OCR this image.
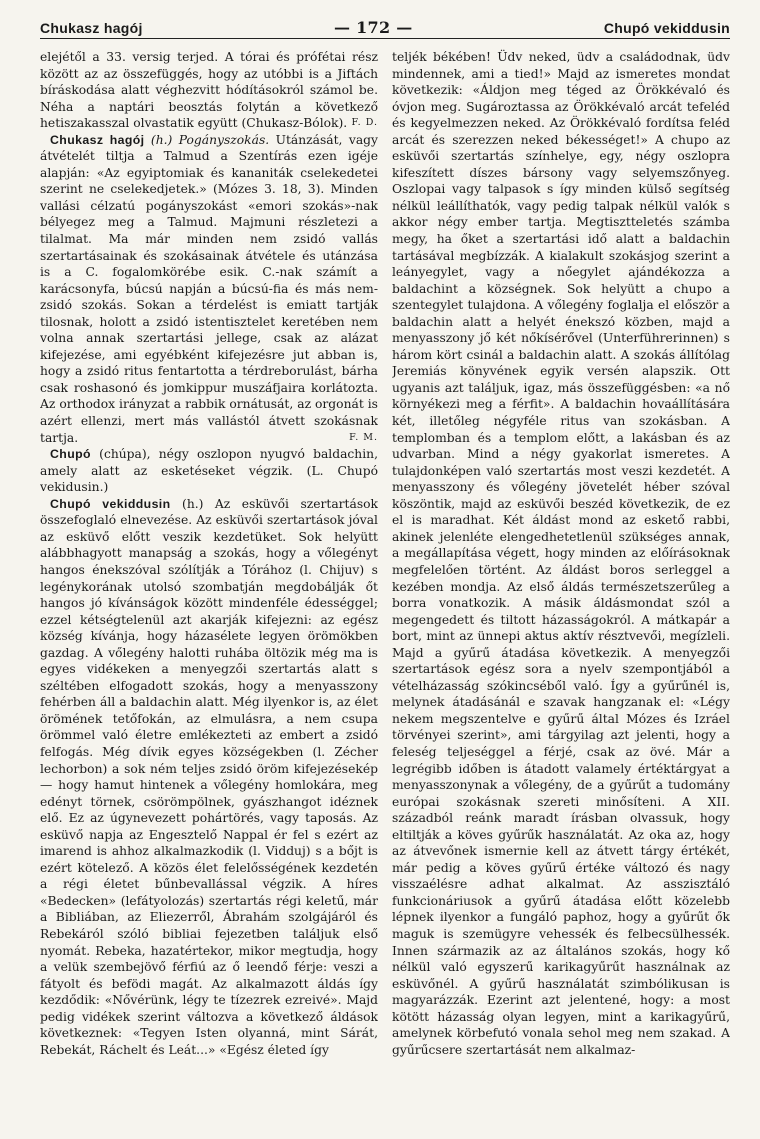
Chukasz hagój	— 172 —	Chupó vekiddusin

elejétől a 33. versig terjed. A tórai és prófétai rész között az az összefüggés, hogy az utóbbi is a Jiftách bíráskodása alatt véghezvitt hódításokról számol be. Néha a naptári beosztás folytán a következő hetiszakasszal olvastatik együtt (Chukasz-Bólok). F. D.

Chukasz hagój (h.) Pogányszokás. Utánzását, vagy átvételét tiltja a Talmud a Szentírás ezen igéje alapján: «Az egyiptomiak és kananiták cselekedetei szerint ne cselekedjetek.» (Mózes 3. 18, 3). Minden vallási célzatú pogányszokást «emori szokás»-nak bélyegez meg a Talmud. Majmuni részletezi a tilalmat. Ma már minden nem zsidó vallás szertartásainak és szokásainak átvétele és utánzása is a C. fogalomkörébe esik. C.-nak számít a karácsonyfa, búcsú napján a búcsú-fia és más nem-zsidó szokás. Sokan a térdelést is emiatt tartják tilosnak, holott a zsidó istentisztelet keretében nem volna annak szertartási jellege, csak az alázat kifejezése, ami egyébként kifejezésre jut abban is, hogy a zsidó ritus fentartotta a térdreborulást, bárha csak roshasonó és jomkippur muszáfjaira korlátozta. Az orthodox irányzat a rabbik ornátusát, az orgonát is azért ellenzi, mert más vallástól átvett szokásnak tartja.	F. M.

Chupó (chúpa), négy oszlopon nyugvó baldachin, amely alatt az esketéseket végzik. (L. Chupó vekidusin.)

Chupó vekiddusin (h.) Az esküvői szertartások összefoglaló elnevezése. Az esküvői szertartások jóval az esküvő előtt veszik kezdetüket. Sok helyütt alábbhagyott manapság a szokás, hogy a vőlegényt hangos énekszóval szólítják a Tórához (l. Chijuv) s legénykorának utolsó szombatján megdobálják őt hangos jó kívánságok között mindenféle édességgel; ezzel kétségtelenül azt akarják kifejezni: az egész község kívánja, hogy házasélete legyen örömökben gazdag. A vőlegény halotti ruhába öltözik még ma is egyes vidékeken a menyegzői szertartás alatt s széltében elfogadott szokás, hogy a menyasszony fehérben áll a baldachin alatt. Még ilyenkor is, az élet örömének tetőfokán, az elmulásra, a nem csupa örömmel való életre emlékezteti az embert a zsidó felfogás. Még dívik egyes községekben (l. Zécher lechorbon) a sok ném teljes zsidó öröm kifejezésekép — hogy hamut hintenek a vőlegény homlokára, meg edényt törnek, csörömpölnek, gyászhangot idéznek elő. Ez az úgynevezett pohártörés, vagy taposás. Az esküvő napja az Engesztelő Nappal ér fel s ezért az imarend is ahhoz alkalmazkodik (l. Vidduj) s a bőjt is ezért kötelező. A közös élet felelősségének kezdetén a régi életet bűnbevallással végzik. A híres «Bedecken» (lefátyolozás) szertartás régi keletű, már a Bibliában, az Eliezerről, Ábrahám szolgájáról és Rebekáról szóló bibliai fejezetben találjuk első nyomát. Rebeka, hazatértekor, mikor megtudja, hogy a velük szembejövő férfiú az ő leendő férje: veszi a fátyolt és befödi magát. Az alkalmazott áldás így kezdődik: «Nővérünk, légy te tízezrek ezreivé». Majd pedig vidékek szerint változva a következő áldások következnek: «Tegyen Isten olyanná, mint Sárát, Rebekát, Ráchelt és Leát...» «Egész életed így

teljék békében! Üdv neked, üdv a családodnak, üdv mindennek, ami a tied!» Majd az ismeretes mondat következik: «Áldjon meg téged az Örökkévaló és óvjon meg. Sugároztassa az Örökkévaló arcát tefeléd és kegyelmezzen neked. Az Örökkévaló fordítsa feléd arcát és szerezzen neked békességet!» A chupo az esküvői szertartás színhelye, egy, négy oszlopra kifeszített díszes bársony vagy selyemszőnyeg. Oszlopai vagy talpasok s így minden külső segítség nélkül leállíthatók, vagy pedig talpak nélkül valók s akkor négy ember tartja. Megtisztteletés számba megy, ha őket a szertartási idő alatt a baldachin tartásával megbízzák. A kialakult szokásjog szerint a leányegylet, vagy a nőegylet ajándékozza a baldachint a községnek. Sok helyütt a chupo a szentegylet tulajdona. A vőlegény foglalja el először a baldachin alatt a helyét énekszó közben, majd a menyasszony jő két nőkísérővel (Unterführerinnen) s három kört csinál a baldachin alatt. A szokás állítólag Jeremiás könyvének egyik versén alapszik. Ott ugyanis azt találjuk, igaz, más összefüggésben: «a nő környékezi meg a férfit». A baldachin hovaállítására két, illetőleg négyféle ritus van szokásban. A templomban és a templom előtt, a lakásban és az udvarban. Mind a négy gyakorlat ismeretes. A tulajdonképen való szertartás most veszi kezdetét. A menyasszony és vőlegény jövetelét héber szóval köszöntik, majd az esküvői beszéd következik, de ez el is maradhat. Két áldást mond az eskető rabbi, akinek jelenléte elengedhetetlenül szükséges annak, a megállapítása végett, hogy minden az előírásoknak megfelelően történt. Az áldást boros serleggel a kezében mondja. Az első áldás természetszerűleg a borra vonatkozik. A másik áldásmondat szól a megengedett és tiltott házasságokról. A mátkapár a bort, mint az ünnepi aktus aktív résztvevői, megízleli. Majd a gyűrű átadása következik. A menyegzői szertartások egész sora a nyelv szempontjából a vételházasság szókincséből való. Így a gyűrűnél is, melynek átadásánál e szavak hangzanak el: «Légy nekem megszentelve e gyűrű által Mózes és Izráel törvényei szerint», ami tárgyilag azt jelenti, hogy a feleség teljeséggel a férjé, csak az övé. Már a legrégibb időben is átadott valamely értéktárgyat a menyasszonynak a vőlegény, de a gyűrűt a tudomány európai szokásnak szereti minősíteni. A XII. századból reánk maradt írásban olvassuk, hogy eltiltják a köves gyűrűk használatát. Az oka az, hogy az átvevőnek ismernie kell az átvett tárgy értékét, már pedig a köves gyűrű értéke változó és nagy visszaélésre adhat alkalmat. Az asszisztáló funkcionáriusok a gyűrű átadása előtt közelebb lépnek ilyenkor a fungáló paphoz, hogy a gyűrűt ők maguk is szemügyre vehessék és felbecsülhessék. Innen származik az az általános szokás, hogy kő nélkül való egyszerű karikagyűrűt használnak az esküvőnél. A gyűrű használatát szimbólikusan is magyarázzák. Ezerint azt jelentené, hogy: a most kötött házasság olyan legyen, mint a karikagyűrű, amelynek körbefutó vonala sehol meg nem szakad. A gyűrűcsere szertartását nem alkalmaz-
